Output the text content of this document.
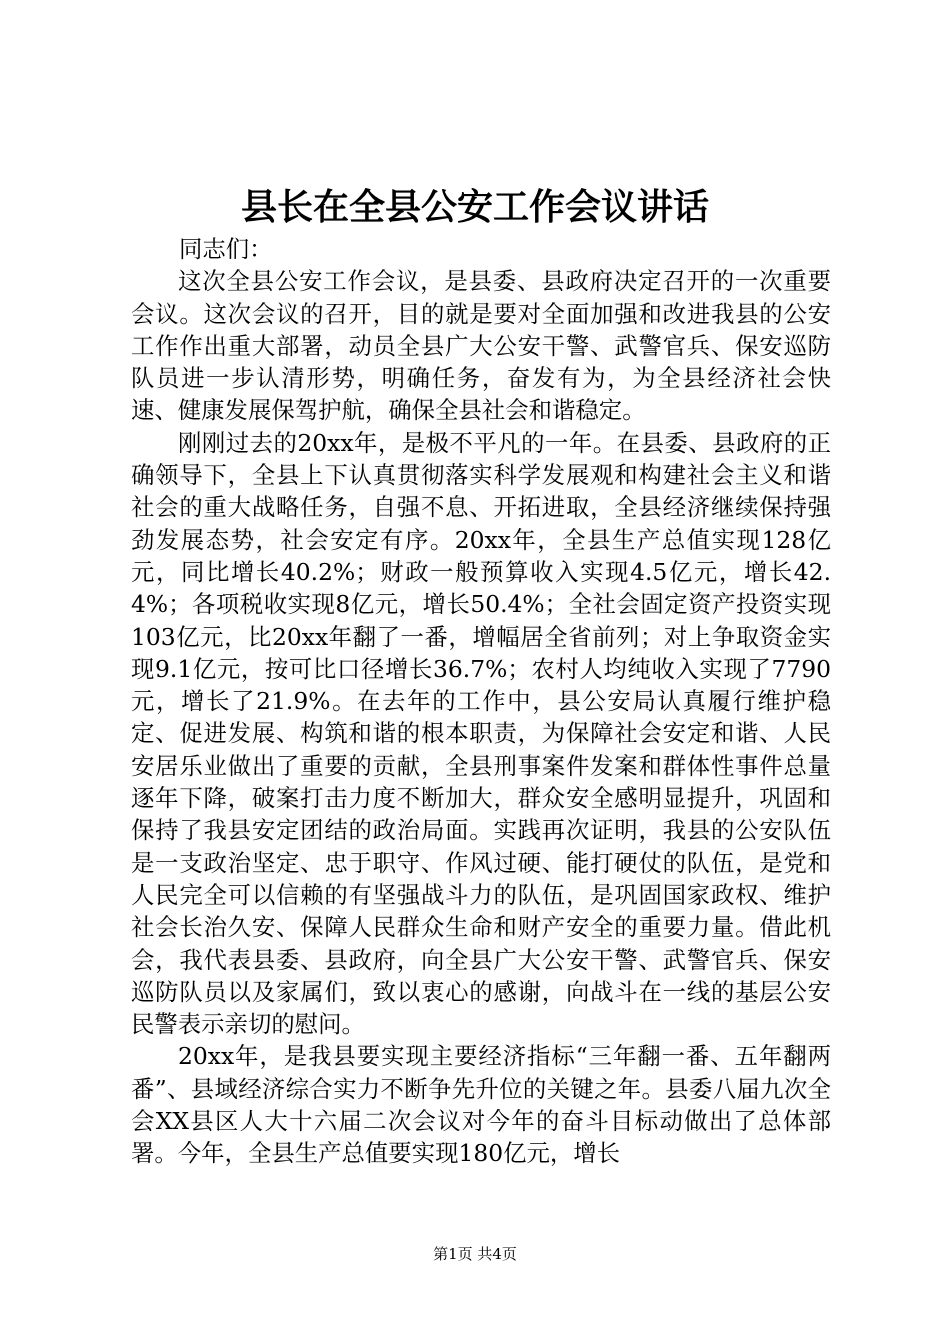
县长在全县公安工作会议讲话

同志们：

这次全县公安工作会议，是县委、县政府决定召开的一次重要会议。这次会议的召开，目的就是要对全面加强和改进我县的公安工作作出重大部署，动员全县广大公安干警、武警官兵、保安巡防队员进一步认清形势，明确任务，奋发有为，为全县经济社会快速、健康发展保驾护航，确保全县社会和谐稳定。

刚刚过去的20xx年，是极不平凡的一年。在县委、县政府的正确领导下，全县上下认真贯彻落实科学发展观和构建社会主义和谐社会的重大战略任务，自强不息、开拓进取，全县经济继续保持强劲发展态势，社会安定有序。20xx年，全县生产总值实现128亿元，同比增长40.2%；财政一般预算收入实现4.5亿元，增长42.4%；各项税收实现8亿元，增长50.4%；全社会固定资产投资实现103亿元，比20xx年翻了一番，增幅居全省前列；对上争取资金实现9.1亿元，按可比口径增长36.7%；农村人均纯收入实现了7790元，增长了21.9%。在去年的工作中，县公安局认真履行维护稳定、促进发展、构筑和谐的根本职责，为保障社会安定和谐、人民安居乐业做出了重要的贡献，全县刑事案件发案和群体性事件总量逐年下降，破案打击力度不断加大，群众安全感明显提升，巩固和保持了我县安定团结的政治局面。实践再次证明，我县的公安队伍是一支政治坚定、忠于职守、作风过硬、能打硬仗的队伍，是党和人民完全可以信赖的有坚强战斗力的队伍，是巩固国家政权、维护社会长治久安、保障人民群众生命和财产安全的重要力量。借此机会，我代表县委、县政府，向全县广大公安干警、武警官兵、保安巡防队员以及家属们，致以衷心的感谢，向战斗在一线的基层公安民警表示亲切的慰问。

20xx年，是我县要实现主要经济指标“三年翻一番、五年翻两番”、县域经济综合实力不断争先升位的关键之年。县委八届九次全会XX县区人大十六届二次会议对今年的奋斗目标动做出了总体部署。今年，全县生产总值要实现180亿元，增长

第1页 共4页
